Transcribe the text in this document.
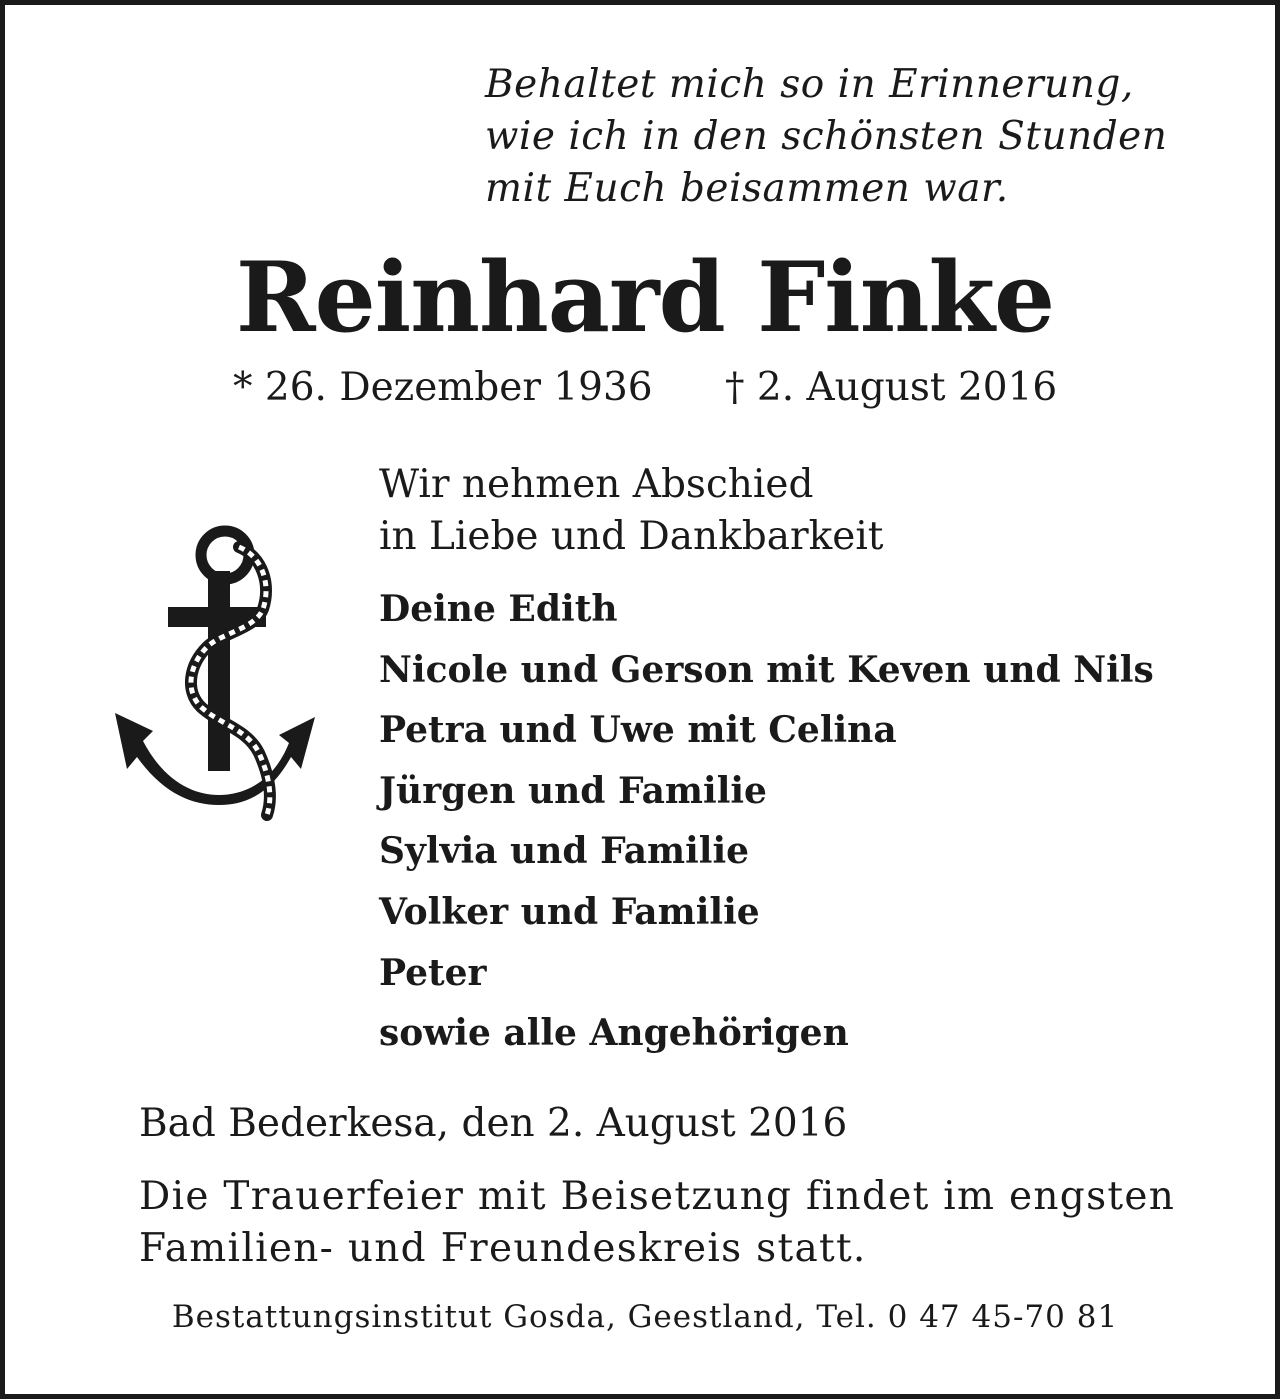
Behaltet mich so in Erinnerung,
wie ich in den schönsten Stunden
mit Euch beisammen war.
Reinhard Finke
* 26. Dezember 1936 † 2. August 2016
Wir nehmen Abschied
in Liebe und Dankbarkeit
Deine Edith
Nicole und Gerson mit Keven und Nils
Petra und Uwe mit Celina
Jürgen und Familie
Sylvia und Familie
Volker und Familie
Peter
sowie alle Angehörigen
Bad Bederkesa, den 2. August 2016
Die Trauerfeier mit Beisetzung findet im engsten
Familien- und Freundeskreis statt.
Bestattungsinstitut Gosda, Geestland, Tel. 0 47 45-70 81
